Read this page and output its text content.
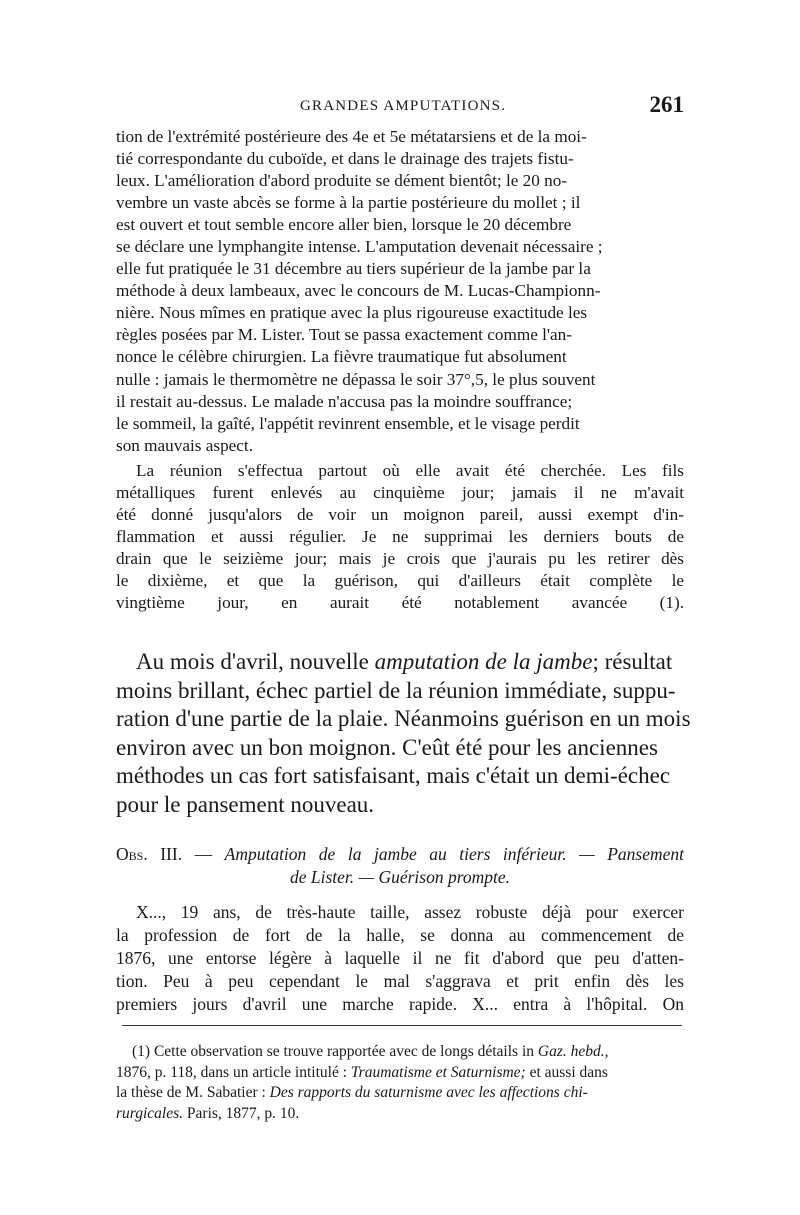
GRANDES AMPUTATIONS.	261
tion de l'extrémité postérieure des 4e et 5e métatarsiens et de la moi-
tié correspondante du cuboïde, et dans le drainage des trajets fistu-
leux. L'amélioration d'abord produite se dément bientôt; le 20 no-
vembre un vaste abcès se forme à la partie postérieure du mollet ; il
est ouvert et tout semble encore aller bien, lorsque le 20 décembre
se déclare une lymphangite intense. L'amputation devenait nécessaire ;
elle fut pratiquée le 31 décembre au tiers supérieur de la jambe par la
méthode à deux lambeaux, avec le concours de M. Lucas-Championn-
nière. Nous mîmes en pratique avec la plus rigoureuse exactitude les
règles posées par M. Lister. Tout se passa exactement comme l'an-
nonce le célèbre chirurgien. La fièvre traumatique fut absolument
nulle : jamais le thermomètre ne dépassa le soir 37°,5, le plus souvent
il restait au-dessus. Le malade n'accusa pas la moindre souffrance;
le sommeil, la gaîté, l'appétit revinrent ensemble, et le visage perdit
son mauvais aspect.
La réunion s'effectua partout où elle avait été cherchée. Les fils
métalliques furent enlevés au cinquième jour; jamais il ne m'avait
été donné jusqu'alors de voir un moignon pareil, aussi exempt d'in-
flammation et aussi régulier. Je ne supprimai les derniers bouts de
drain que le seizième jour; mais je crois que j'aurais pu les retirer dès
le dixième, et que la guérison, qui d'ailleurs était complète le
vingtième jour, en aurait été notablement avancée (1).
Au mois d'avril, nouvelle amputation de la jambe; résultat
moins brillant, échec partiel de la réunion immédiate, suppu-
ration d'une partie de la plaie. Néanmoins guérison en un mois
environ avec un bon moignon. C'eût été pour les anciennes
méthodes un cas fort satisfaisant, mais c'était un demi-échec
pour le pansement nouveau.
Obs. III. — Amputation de la jambe au tiers inférieur. — Pansement
de Lister. — Guérison prompte.
X..., 19 ans, de très-haute taille, assez robuste déjà pour exercer
la profession de fort de la halle, se donna au commencement de
1876, une entorse légère à laquelle il ne fit d'abord que peu d'atten-
tion. Peu à peu cependant le mal s'aggrava et prit enfin dès les
premiers jours d'avril une marche rapide. X... entra à l'hôpital. On
(1) Cette observation se trouve rapportée avec de longs détails in Gaz. hebd.,
1876, p. 118, dans un article intitulé : Traumatisme et Saturnisme; et aussi dans
la thèse de M. Sabatier : Des rapports du saturnisme avec les affections chi-
rurgicales. Paris, 1877, p. 10.
